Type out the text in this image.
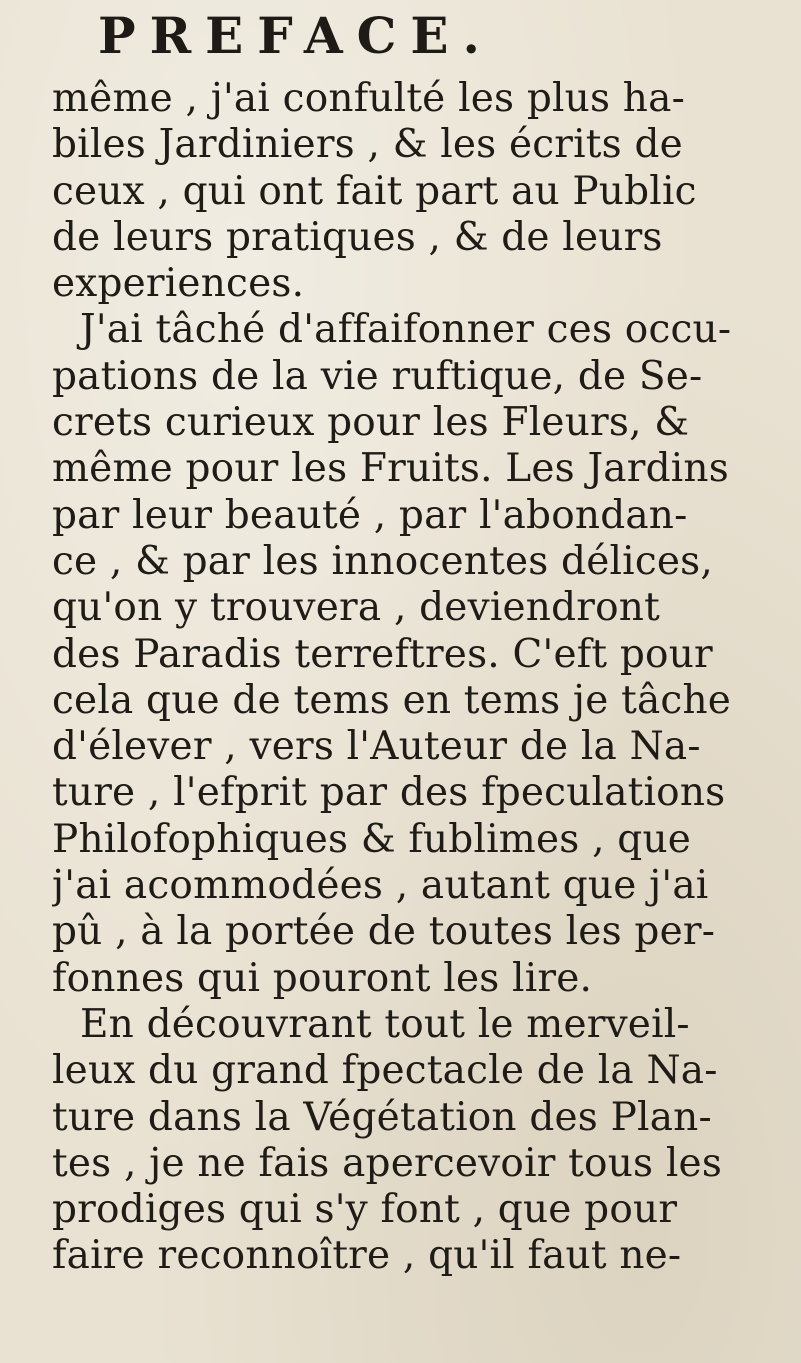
PREFACE.
même , j'ai confulté les plus ha-
biles Jardiniers , & les écrits de
ceux , qui ont fait part au Public
de leurs pratiques , & de leurs
experiences.
J'ai tâché d'affaifonner ces occu-
pations de la vie ruftique, de Se-
crets curieux pour les Fleurs, &
même pour les Fruits. Les Jardins
par leur beauté , par l'abondan-
ce , & par les innocentes délices,
qu'on y trouvera , deviendront
des Paradis terreftres. C'eft pour
cela que de tems en tems je tâche
d'élever , vers l'Auteur de la Na-
ture , l'efprit par des fpeculations
Philofophiques & fublimes , que
j'ai acommodées , autant que j'ai
pû , à la portée de toutes les per-
fonnes qui pouront les lire.
En découvrant tout le merveil-
leux du grand fpectacle de la Na-
ture dans la Végétation des Plan-
tes , je ne fais apercevoir tous les
prodiges qui s'y font , que pour
faire reconnoître , qu'il faut ne-
